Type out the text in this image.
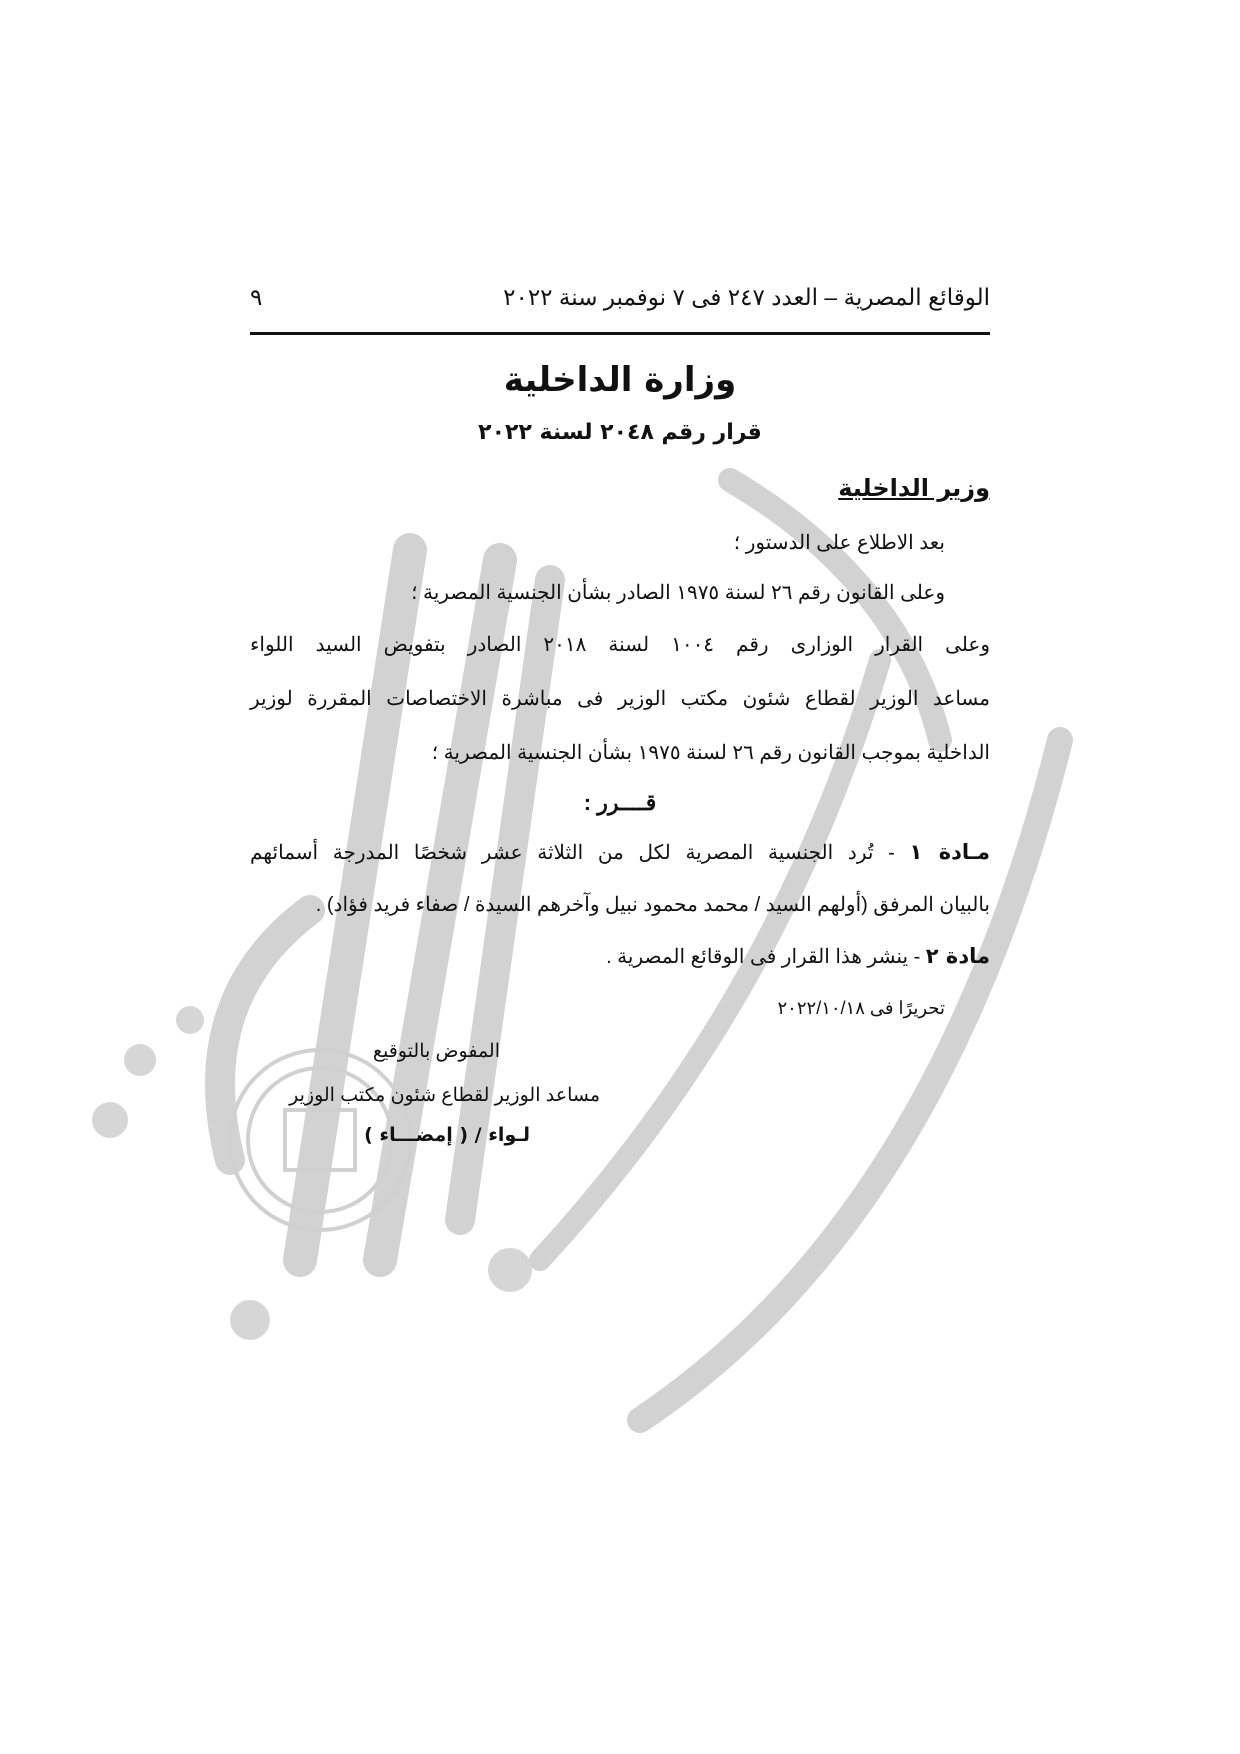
الوقائع المصرية – العدد ٢٤٧ فى ٧ نوفمبر سنة ٢٠٢٢
٩
وزارة الداخلية
قرار رقم ٢٠٤٨ لسنة ٢٠٢٢
وزير الداخلية
بعد الاطلاع على الدستور ؛
وعلى القانون رقم ٢٦ لسنة ١٩٧٥ الصادر بشأن الجنسية المصرية ؛
وعلى القرار الوزارى رقم ١٠٠٤ لسنة ٢٠١٨ الصادر بتفويض السيد اللواء
مساعد الوزير لقطاع شئون مكتب الوزير فى مباشرة الاختصاصات المقررة لوزير
الداخلية بموجب القانون رقم ٢٦ لسنة ١٩٧٥ بشأن الجنسية المصرية ؛
قــــرر :
مـادة ١ - تُرد الجنسية المصرية لكل من الثلاثة عشر شخصًا المدرجة أسمائهم
بالبيان المرفق (أولهم السيد / محمد محمود نبيل وآخرهم السيدة / صفاء فريد فؤاد) .
مادة ٢ - ينشر هذا القرار فى الوقائع المصرية .
تحريرًا فى ٢٠٢٢/١٠/١٨
المفوض بالتوقيع
مساعد الوزير لقطاع شئون مكتب الوزير
لـواء / ( إمضـــاء )
